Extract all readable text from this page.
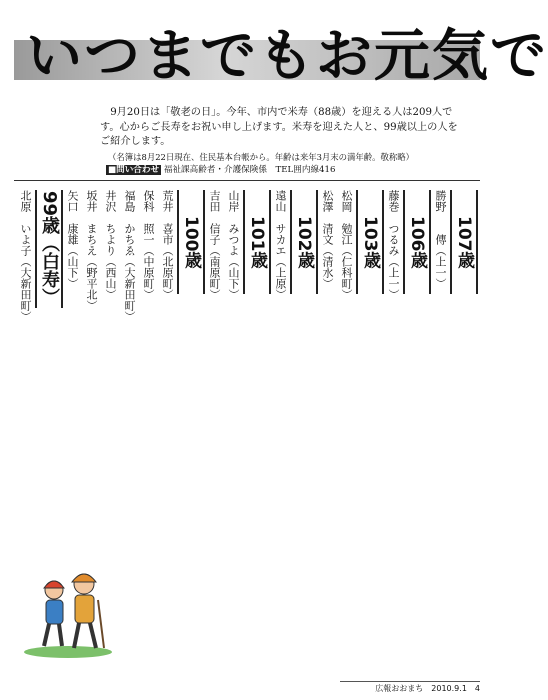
いつまでもお元気で

9月20日は「敬老の日」。今年、市内で米寿（88歳）を迎える人は209人です。心からご長寿をお祝い申し上げます。米寿を迎えた人と、99歳以上の人をご紹介します。

（名簿は8月22日現在、住民基本台帳から。年齢は来年3月末の満年齢。敬称略）
■問い合わせ 福祉課高齢者・介護保険係　TEL囲内線416
107歳
勝野　　傳（上一）
106歳
藤巻　つるみ（上一）
103歳
松岡　勉江（仁科町）
松澤　清文（清水）
102歳
遠山　サカエ（上原）
101歳
山岸　みつよ（山下）
吉田　信子（南原町）
100歳
荒井　喜市（北原町）
保科　照一（中原町）
福島　かちゑ（大新田町）
井沢　ちより（西山）
坂井　まちえ（野平北）
矢口　康雄（山下）
99歳（白寿）
北原　いよ子（大新田町）
広報おおまち　2010.9.1　4
